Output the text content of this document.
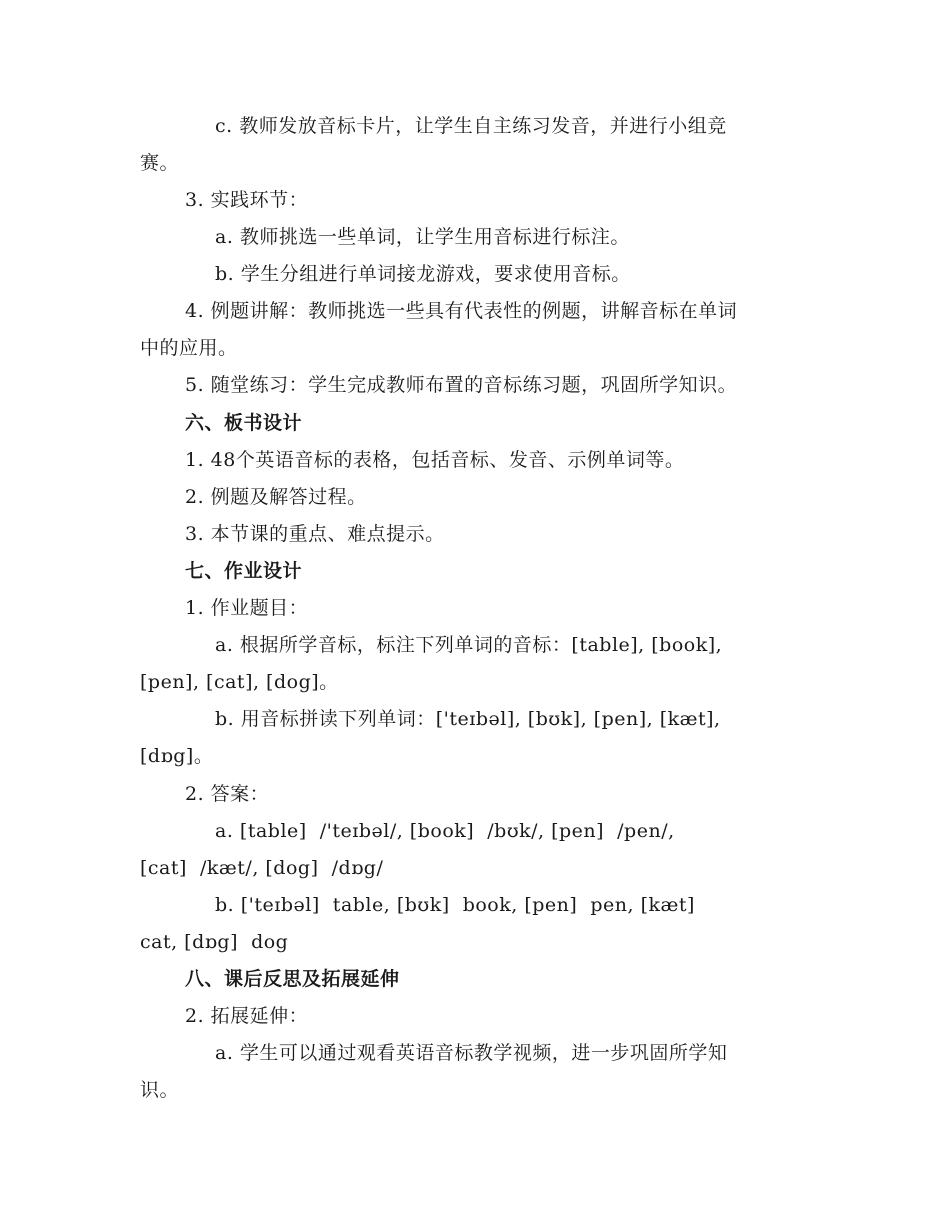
c. 教师发放音标卡片，让学生自主练习发音，并进行小组竞
赛。
3. 实践环节：
a. 教师挑选一些单词，让学生用音标进行标注。
b. 学生分组进行单词接龙游戏，要求使用音标。
4. 例题讲解：教师挑选一些具有代表性的例题，讲解音标在单词
中的应用。
5. 随堂练习：学生完成教师布置的音标练习题，巩固所学知识。
六、板书设计
1. 48个英语音标的表格，包括音标、发音、示例单词等。
2. 例题及解答过程。
3. 本节课的重点、难点提示。
七、作业设计
1. 作业题目：
a. 根据所学音标，标注下列单词的音标：[table], [book],
[pen], [cat], [dog]。
b. 用音标拼读下列单词：['teɪbəl], [bʊk], [pen], [kæt],
[dɒg]。
2. 答案：
a. [table]  /'teɪbəl/, [book]  /bʊk/, [pen]  /pen/,
[cat]  /kæt/, [dog]  /dɒg/
b. ['teɪbəl]  table, [bʊk]  book, [pen]  pen, [kæt]
cat, [dɒg]  dog
八、课后反思及拓展延伸
2. 拓展延伸：
a. 学生可以通过观看英语音标教学视频，进一步巩固所学知
识。
